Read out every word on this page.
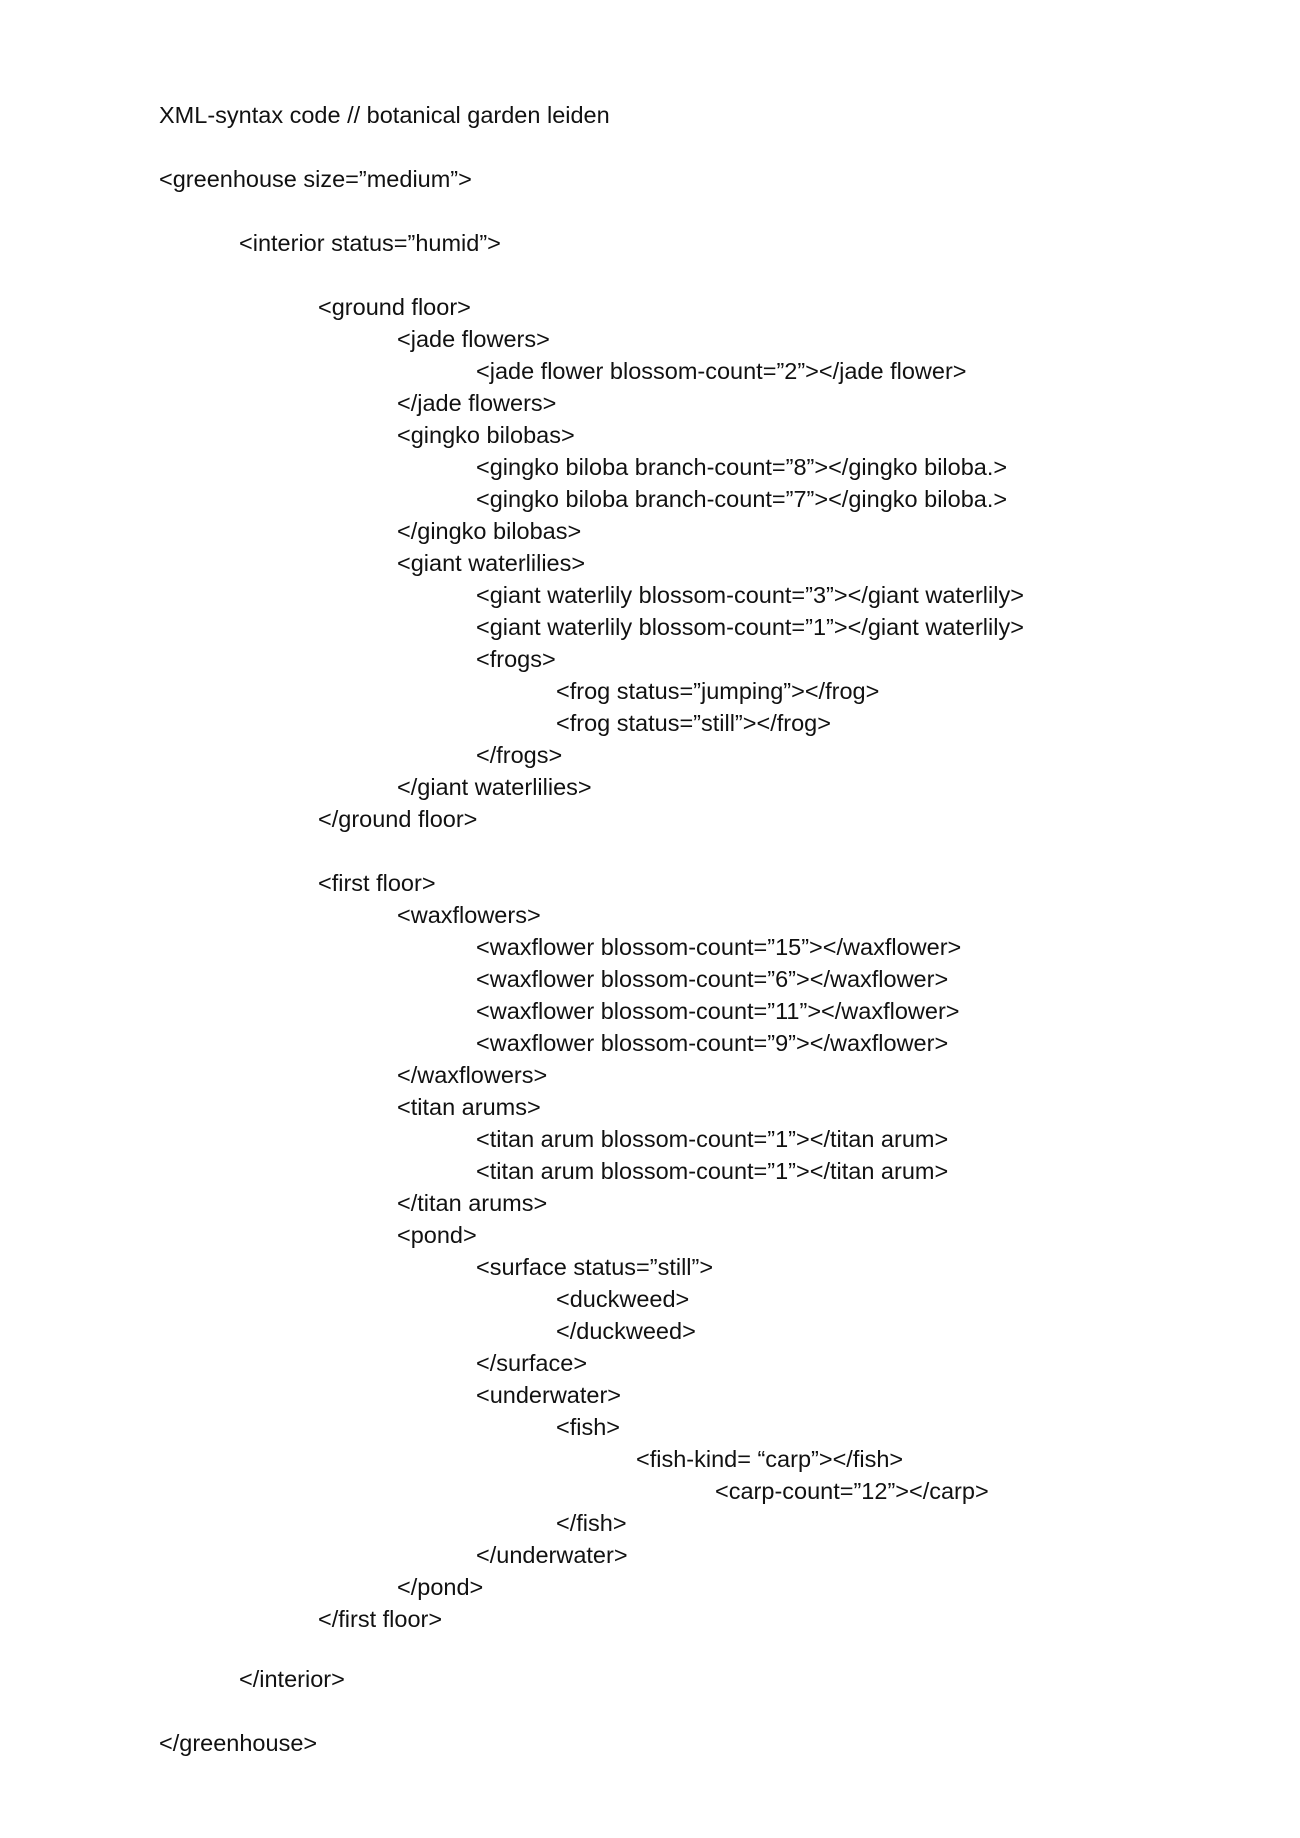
XML-syntax code // botanical garden leiden
<greenhouse size=”medium”>
<interior status=”humid”>
<ground floor>
<jade flowers>
<jade flower blossom-count=”2”></jade flower>
</jade flowers>
<gingko bilobas>
<gingko biloba branch-count=”8”></gingko biloba.>
<gingko biloba branch-count=”7”></gingko biloba.>
</gingko bilobas>
<giant waterlilies>
<giant waterlily blossom-count=”3”></giant waterlily>
<giant waterlily blossom-count=”1”></giant waterlily>
<frogs>
<frog status=”jumping”></frog>
<frog status=”still”></frog>
</frogs>
</giant waterlilies>
</ground floor>
<first floor>
<waxflowers>
<waxflower blossom-count=”15”></waxflower>
<waxflower blossom-count=”6”></waxflower>
<waxflower blossom-count=”11”></waxflower>
<waxflower blossom-count=”9”></waxflower>
</waxflowers>
<titan arums>
<titan arum blossom-count=”1”></titan arum>
<titan arum blossom-count=”1”></titan arum>
</titan arums>
<pond>
<surface status=”still”>
<duckweed>
</duckweed>
</surface>
<underwater>
<fish>
<fish-kind= “carp”></fish>
<carp-count=”12”></carp>
</fish>
</underwater>
</pond>
</first floor>
</interior>
</greenhouse>
